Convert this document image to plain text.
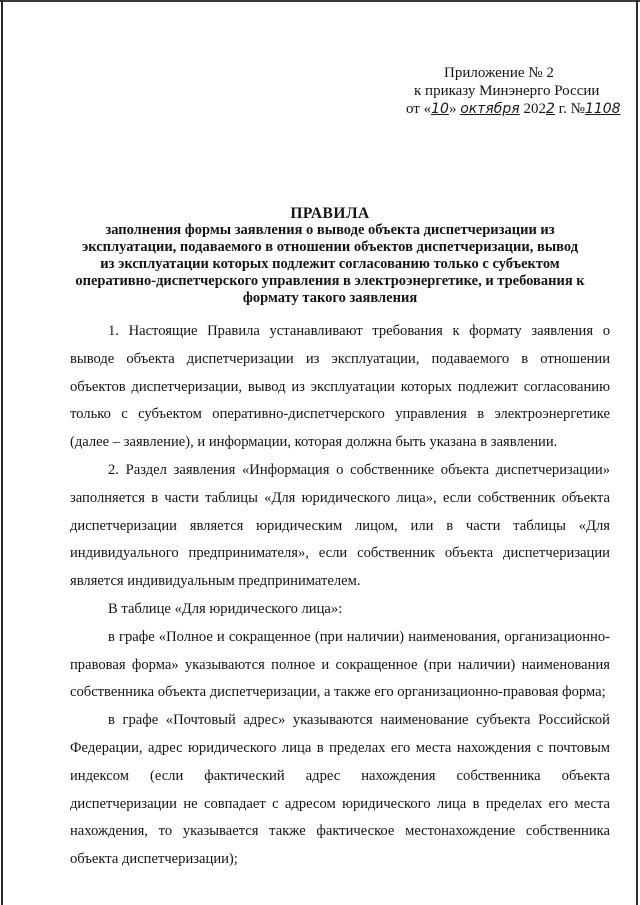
Приложение № 2
к приказу Минэнерго России
от «10» октября 2022 г. №1108
ПРАВИЛА
заполнения формы заявления о выводе объекта диспетчеризации из
эксплуатации, подаваемого в отношении объектов диспетчеризации, вывод
из эксплуатации которых подлежит согласованию только с субъектом
оперативно-диспетчерского управления в электроэнергетике, и требования к
формату такого заявления

1. Настоящие Правила устанавливают требования к формату заявления о выводе объекта диспетчеризации из эксплуатации, подаваемого в отношении объектов диспетчеризации, вывод из эксплуатации которых подлежит согласованию только с субъектом оперативно-диспетчерского управления в электроэнергетике (далее – заявление), и информации, которая должна быть указана в заявлении.

2. Раздел заявления «Информация о собственнике объекта диспетчеризации» заполняется в части таблицы «Для юридического лица», если собственник объекта диспетчеризации является юридическим лицом, или в части таблицы «Для индивидуального предпринимателя», если собственник объекта диспетчеризации является индивидуальным предпринимателем.

В таблице «Для юридического лица»:

в графе «Полное и сокращенное (при наличии) наименования, организационно-правовая форма» указываются полное и сокращенное (при наличии) наименования собственника объекта диспетчеризации, а также его организационно-правовая форма;

в графе «Почтовый адрес» указываются наименование субъекта Российской Федерации, адрес юридического лица в пределах его места нахождения с почтовым индексом (если фактический адрес нахождения собственника объекта диспетчеризации не совпадает с адресом юридического лица в пределах его места нахождения, то указывается также фактическое местонахождение собственника объекта диспетчеризации);
